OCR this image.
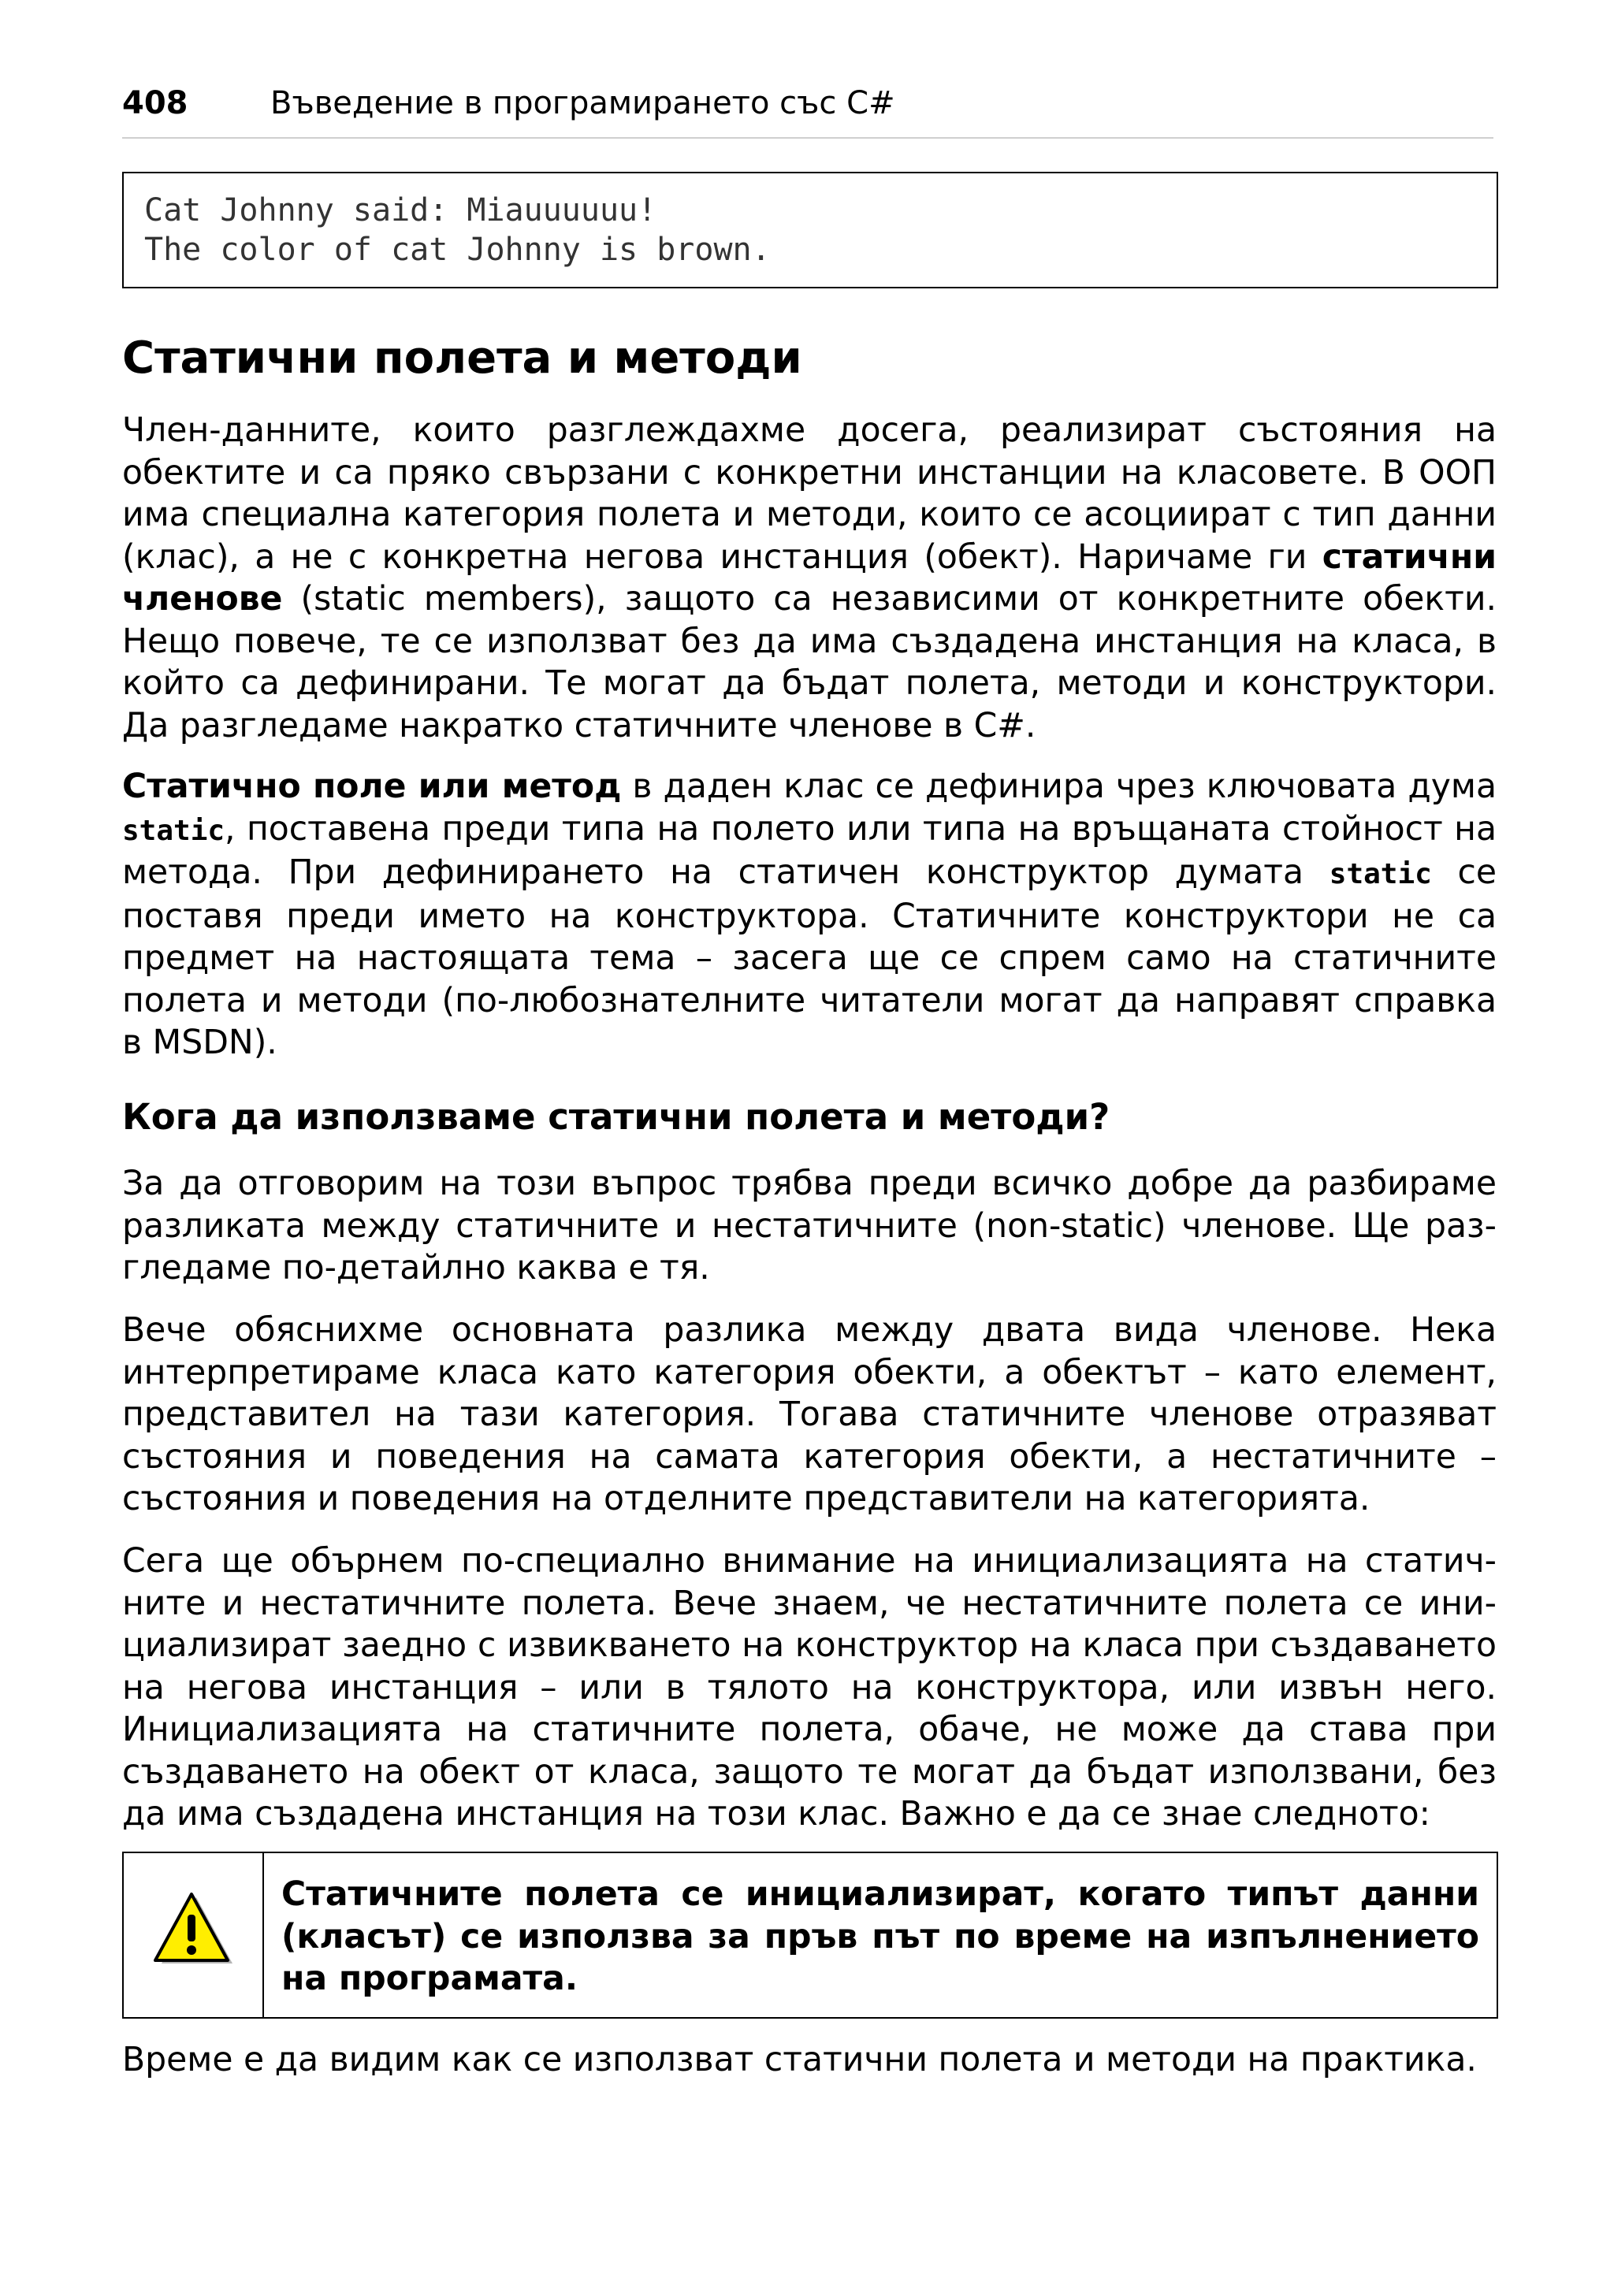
408	Въведение в програмирането със C#
Cat Johnny said: Miauuuuuu!
The color of cat Johnny is brown.
Статични полета и методи

Член-данните, които разглеждахме досега, реализират състояния на обектите и са пряко свързани с конкретни инстанции на класовете. В ООП има специална категория полета и методи, които се асоциират с тип данни (клас), а не с конкретна негова инстанция (обект). Наричаме ги статични членове (static members), защото са независими от конкретните обекти. Нещо повече, те се използват без да има създадена инстанция на класа, в който са дефинирани. Те могат да бъдат полета, методи и конструктори. Да разгледаме накратко статичните членове в C#.

Статично поле или метод в даден клас се дефинира чрез ключовата дума static, поставена преди типа на полето или типа на връщаната стойност на метода. При дефинирането на статичен конструктор думата static се поставя преди името на конструктора. Статичните конструктори не са предмет на настоящата тема – засега ще се спрем само на статичните полета и методи (по-любознателните читатели могат да направят справка в MSDN).

Кога да използваме статични полета и методи?

За да отговорим на този въпрос трябва преди всичко добре да разбираме разликата между статичните и нестатичните (non-static) членове. Ще разгледаме по-детайлно каква е тя.

Вече обяснихме основната разлика между двата вида членове. Нека интерпретираме класа като категория обекти, а обектът – като елемент, представител на тази категория. Тогава статичните членове отразяват състояния и поведения на самата категория обекти, а нестатичните – състояния и поведения на отделните представители на категорията.

Сега ще обърнем по-специално внимание на инициализацията на статичните и нестатичните полета. Вече знаем, че нестатичните полета се инициализират заедно с извикването на конструктор на класа при създаването на негова инстанция – или в тялото на конструктора, или извън него. Инициализацията на статичните полета, обаче, не може да става при създаването на обект от класа, защото те могат да бъдат използвани, без да има създадена инстанция на този клас. Важно е да се знае следното:

Статичните полета се инициализират, когато типът данни (класът) се използва за пръв път по време на изпълнението на програмата.

Време е да видим как се използват статични полета и методи на практика.
